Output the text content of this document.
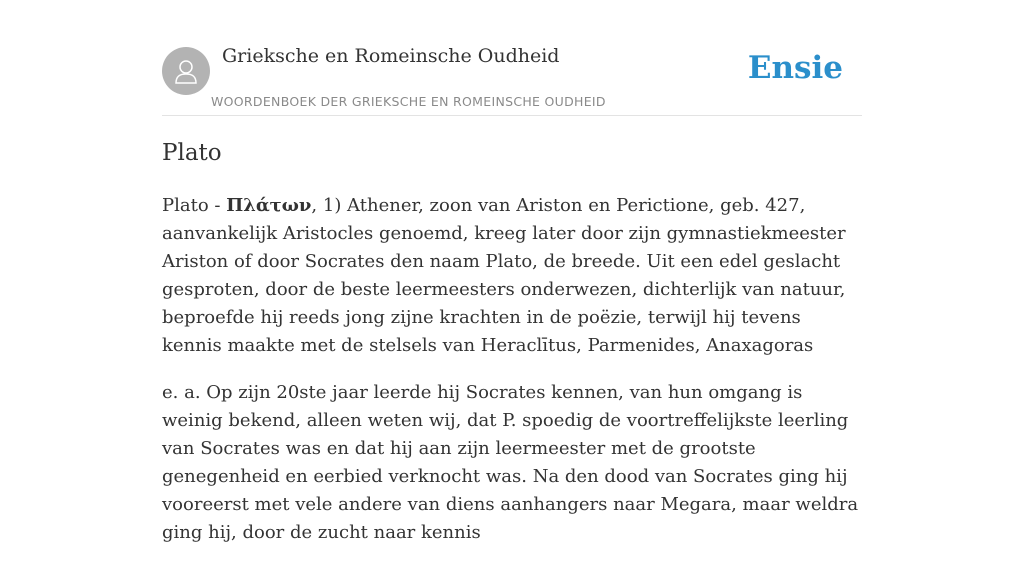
Grieksche en Romeinsche Oudheid
WOORDENBOEK DER GRIEKSCHE EN ROMEINSCHE OUDHEID
Ensie
Plato

Plato - Πλάτων, 1) Athener, zoon van Ariston en Perictione, geb. 427, aanvankelijk Aristocles genoemd, kreeg later door zijn gymnastiekmeester Ariston of door Socrates den naam Plato, de breede. Uit een edel geslacht gesproten, door de beste leermeesters onderwezen, dichterlijk van natuur, beproefde hij reeds jong zijne krachten in de poëzie, terwijl hij tevens kennis maakte met de stelsels van Heraclītus, Parmenides, Anaxagoras

e. a. Op zijn 20ste jaar leerde hij Socrates kennen, van hun omgang is weinig bekend, alleen weten wij, dat P. spoedig de voortreffelijkste leerling van Socrates was en dat hij aan zijn leermeester met de grootste genegenheid en eerbied verknocht was. Na den dood van Socrates ging hij vooreerst met vele andere van diens aanhangers naar Megara, maar weldra ging hij, door de zucht naar kennis
